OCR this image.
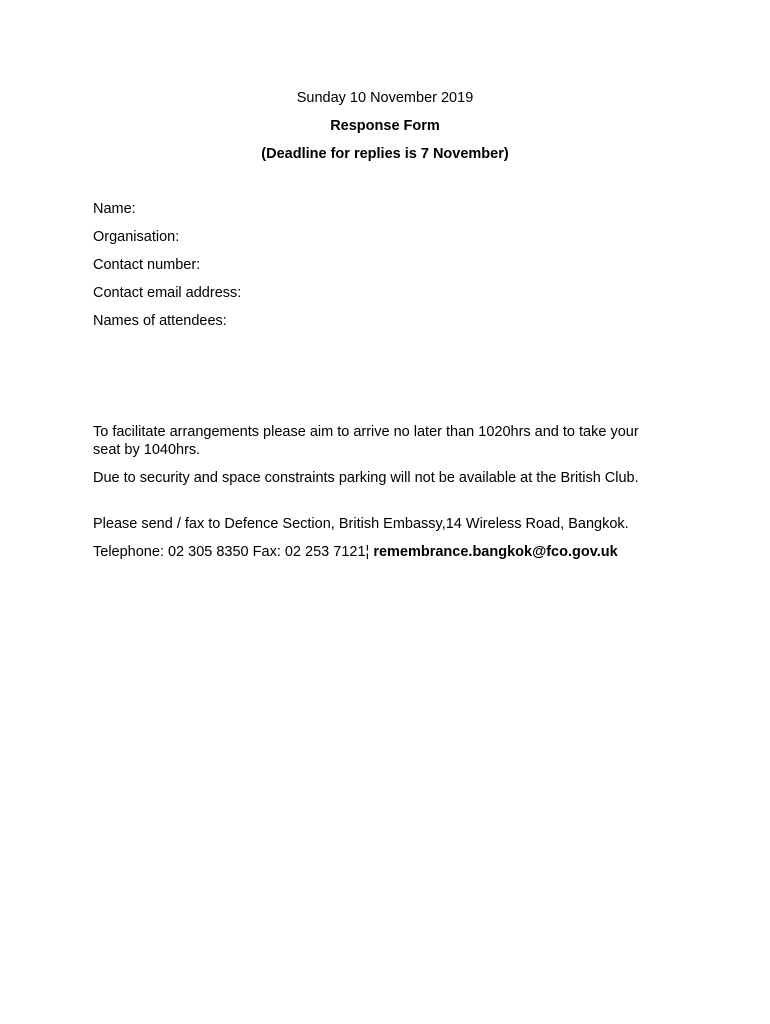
Sunday 10 November 2019
Response Form
(Deadline for replies is 7 November)
Name:
Organisation:
Contact number:
Contact email address:
Names of attendees:
To facilitate arrangements please aim to arrive no later than 1020hrs and to take your seat by 1040hrs.
Due to security and space constraints parking will not be available at the British Club.
Please send / fax to Defence Section, British Embassy,14 Wireless Road, Bangkok.
Telephone: 02 305 8350 Fax: 02 253 7121¦ remembrance.bangkok@fco.gov.uk
